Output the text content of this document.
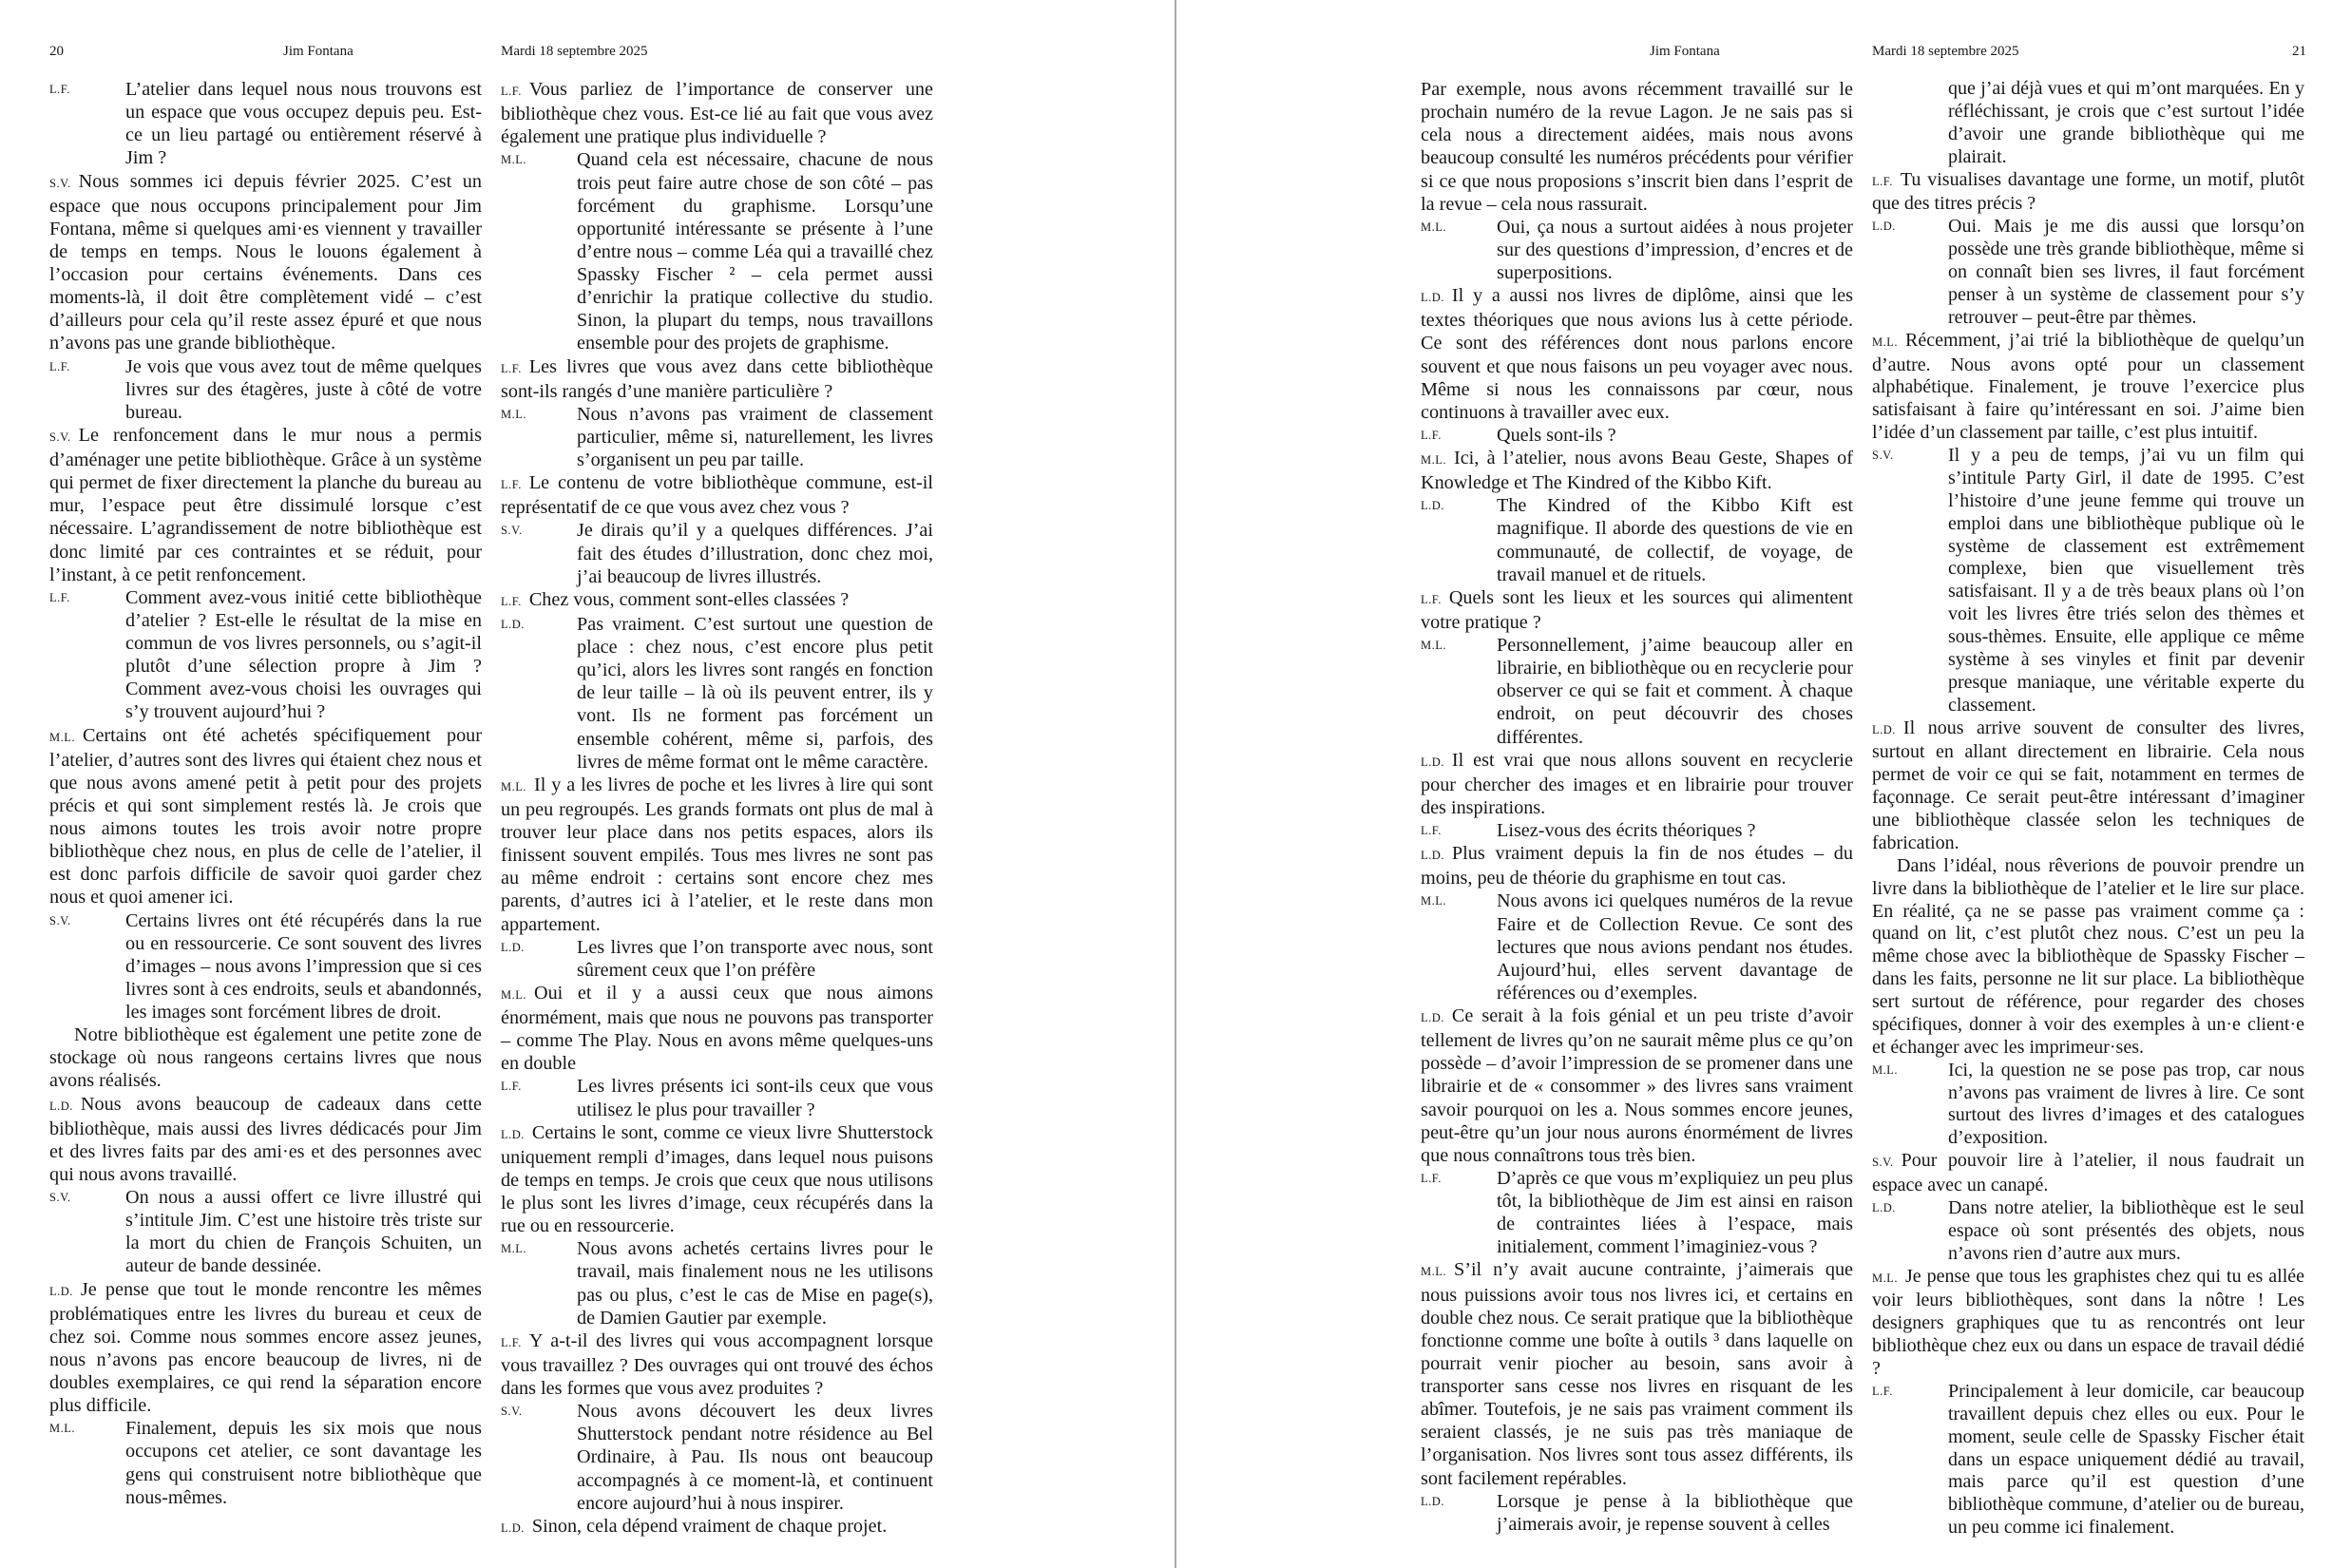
20	Jim Fontana	Mardi 18 septembre 2025

L.F.	L’atelier dans lequel nous nous trouvons est un espace que vous occupez depuis peu. Est-ce un lieu partagé ou entièrement réservé à Jim ?

S.V. Nous sommes ici depuis février 2025. C’est un espace que nous occupons principalement pour Jim Fontana, même si quelques ami·es viennent y travailler de temps en temps. Nous le louons également à l’occasion pour certains événements. Dans ces moments-là, il doit être complètement vidé – c’est d’ailleurs pour cela qu’il reste assez épuré et que nous n’avons pas une grande bibliothèque.

L.F.	Je vois que vous avez tout de même quelques livres sur des étagères, juste à côté de votre bureau.

S.V. Le renfoncement dans le mur nous a permis d’aménager une petite bibliothèque. Grâce à un système qui permet de fixer directement la planche du bureau au mur, l’espace peut être dissimulé lorsque c’est nécessaire. L’agrandissement de notre bibliothèque est donc limité par ces contraintes et se réduit, pour l’instant, à ce petit renfoncement.

L.F.	Comment avez-vous initié cette bibliothèque d’atelier ? Est-elle le résultat de la mise en commun de vos livres personnels, ou s’agit-il plutôt d’une sélection propre à Jim ? Comment avez-vous choisi les ouvrages qui s’y trouvent aujourd’hui ?

M.L. Certains ont été achetés spécifiquement pour l’atelier, d’autres sont des livres qui étaient chez nous et que nous avons amené petit à petit pour des projets précis et qui sont simplement restés là. Je crois que nous aimons toutes les trois avoir notre propre bibliothèque chez nous, en plus de celle de l’atelier, il est donc parfois difficile de savoir quoi garder chez nous et quoi amener ici.

S.V.	Certains livres ont été récupérés dans la rue ou en ressourcerie. Ce sont souvent des livres d’images – nous avons l’impression que si ces livres sont à ces endroits, seuls et abandonnés, les images sont forcément libres de droit.

Notre bibliothèque est également une petite zone de stockage où nous rangeons certains livres que nous avons réalisés.

L.D. Nous avons beaucoup de cadeaux dans cette bibliothèque, mais aussi des livres dédicacés pour Jim et des livres faits par des ami·es et des personnes avec qui nous avons travaillé.

S.V.	On nous a aussi offert ce livre illustré qui s’intitule Jim. C’est une histoire très triste sur la mort du chien de François Schuiten, un auteur de bande dessinée.

L.D. Je pense que tout le monde rencontre les mêmes problématiques entre les livres du bureau et ceux de chez soi. Comme nous sommes encore assez jeunes, nous n’avons pas encore beaucoup de livres, ni de doubles exemplaires, ce qui rend la séparation encore plus difficile.

M.L.	Finalement, depuis les six mois que nous occupons cet atelier, ce sont davantage les gens qui construisent notre bibliothèque que nous-mêmes.

L.F. Vous parliez de l’importance de conserver une bibliothèque chez vous. Est-ce lié au fait que vous avez également une pratique plus individuelle ?

M.L.	Quand cela est nécessaire, chacune de nous trois peut faire autre chose de son côté – pas forcément du graphisme. Lorsqu’une opportunité intéressante se présente à l’une d’entre nous – comme Léa qui a travaillé chez Spassky Fischer ² – cela permet aussi d’enrichir la pratique collective du studio. Sinon, la plupart du temps, nous travaillons ensemble pour des projets de graphisme.

L.F. Les livres que vous avez dans cette bibliothèque sont-ils rangés d’une manière particulière ?

M.L.	Nous n’avons pas vraiment de classement particulier, même si, naturellement, les livres s’organisent un peu par taille.

L.F. Le contenu de votre bibliothèque commune, est-il représentatif de ce que vous avez chez vous ?

S.V.	Je dirais qu’il y a quelques différences. J’ai fait des études d’illustration, donc chez moi, j’ai beaucoup de livres illustrés.

L.F. Chez vous, comment sont-elles classées ?

L.D.	Pas vraiment. C’est surtout une question de place : chez nous, c’est encore plus petit qu’ici, alors les livres sont rangés en fonction de leur taille – là où ils peuvent entrer, ils y vont. Ils ne forment pas forcément un ensemble cohérent, même si, parfois, des livres de même format ont le même caractère.

M.L. Il y a les livres de poche et les livres à lire qui sont un peu regroupés. Les grands formats ont plus de mal à trouver leur place dans nos petits espaces, alors ils finissent souvent empilés. Tous mes livres ne sont pas au même endroit : certains sont encore chez mes parents, d’autres ici à l’atelier, et le reste dans mon appartement.

L.D.	Les livres que l’on transporte avec nous, sont sûrement ceux que l’on préfère

M.L. Oui et il y a aussi ceux que nous aimons énormément, mais que nous ne pouvons pas transporter – comme The Play. Nous en avons même quelques-uns en double

L.F.	Les livres présents ici sont-ils ceux que vous utilisez le plus pour travailler ?

L.D. Certains le sont, comme ce vieux livre Shutterstock uniquement rempli d’images, dans lequel nous puisons de temps en temps. Je crois que ceux que nous utilisons le plus sont les livres d’image, ceux récupérés dans la rue ou en ressourcerie.

M.L.	Nous avons achetés certains livres pour le travail, mais finalement nous ne les utilisons pas ou plus, c’est le cas de Mise en page(s), de Damien Gautier par exemple.

L.F. Y a-t-il des livres qui vous accompagnent lorsque vous travaillez ? Des ouvrages qui ont trouvé des échos dans les formes que vous avez produites ?

S.V.	Nous avons découvert les deux livres Shutterstock pendant notre résidence au Bel Ordinaire, à Pau. Ils nous ont beaucoup accompagnés à ce moment-là, et continuent encore aujourd’hui à nous inspirer.

L.D. Sinon, cela dépend vraiment de chaque projet.

Jim Fontana	Mardi 18 septembre 2025	21

Par exemple, nous avons récemment travaillé sur le prochain numéro de la revue Lagon. Je ne sais pas si cela nous a directement aidées, mais nous avons beaucoup consulté les numéros précédents pour vérifier si ce que nous proposions s’inscrit bien dans l’esprit de la revue – cela nous rassurait.

M.L.	Oui, ça nous a surtout aidées à nous projeter sur des questions d’impression, d’encres et de superpositions.

L.D. Il y a aussi nos livres de diplôme, ainsi que les textes théoriques que nous avions lus à cette période. Ce sont des références dont nous parlons encore souvent et que nous faisons un peu voyager avec nous. Même si nous les connaissons par cœur, nous continuons à travailler avec eux.

L.F.	Quels sont-ils ?

M.L. Ici, à l’atelier, nous avons Beau Geste, Shapes of Knowledge et The Kindred of the Kibbo Kift.

L.D.	The Kindred of the Kibbo Kift est magnifique. Il aborde des questions de vie en communauté, de collectif, de voyage, de travail manuel et de rituels.

L.F. Quels sont les lieux et les sources qui alimentent votre pratique ?

M.L.	Personnellement, j’aime beaucoup aller en librairie, en bibliothèque ou en recyclerie pour observer ce qui se fait et comment. À chaque endroit, on peut découvrir des choses différentes.

L.D. Il est vrai que nous allons souvent en recyclerie pour chercher des images et en librairie pour trouver des inspirations.

L.F.	Lisez-vous des écrits théoriques ?

L.D. Plus vraiment depuis la fin de nos études – du moins, peu de théorie du graphisme en tout cas.

M.L.	Nous avons ici quelques numéros de la revue Faire et de Collection Revue. Ce sont des lectures que nous avions pendant nos études. Aujourd’hui, elles servent davantage de références ou d’exemples.

L.D. Ce serait à la fois génial et un peu triste d’avoir tellement de livres qu’on ne saurait même plus ce qu’on possède – d’avoir l’impression de se promener dans une librairie et de « consommer » des livres sans vraiment savoir pourquoi on les a. Nous sommes encore jeunes, peut-être qu’un jour nous aurons énormément de livres que nous connaîtrons tous très bien.

L.F.	D’après ce que vous m’expliquiez un peu plus tôt, la bibliothèque de Jim est ainsi en raison de contraintes liées à l’espace, mais initialement, comment l’imaginiez-vous ?

M.L. S’il n’y avait aucune contrainte, j’aimerais que nous puissions avoir tous nos livres ici, et certains en double chez nous. Ce serait pratique que la bibliothèque fonctionne comme une boîte à outils ³ dans laquelle on pourrait venir piocher au besoin, sans avoir à transporter sans cesse nos livres en risquant de les abîmer. Toutefois, je ne sais pas vraiment comment ils seraient classés, je ne suis pas très maniaque de l’organisation. Nos livres sont tous assez différents, ils sont facilement repérables.

L.D.	Lorsque je pense à la bibliothèque que j’aimerais avoir, je repense souvent à celles

que j’ai déjà vues et qui m’ont marquées. En y réfléchissant, je crois que c’est surtout l’idée d’avoir une grande bibliothèque qui me plairait.

L.F. Tu visualises davantage une forme, un motif, plutôt que des titres précis ?

L.D.	Oui. Mais je me dis aussi que lorsqu’on possède une très grande bibliothèque, même si on connaît bien ses livres, il faut forcément penser à un système de classement pour s’y retrouver – peut-être par thèmes.

M.L. Récemment, j’ai trié la bibliothèque de quelqu’un d’autre. Nous avons opté pour un classement alphabétique. Finalement, je trouve l’exercice plus satisfaisant à faire qu’intéressant en soi. J’aime bien l’idée d’un classement par taille, c’est plus intuitif.

S.V.	Il y a peu de temps, j’ai vu un film qui s’intitule Party Girl, il date de 1995. C’est l’histoire d’une jeune femme qui trouve un emploi dans une bibliothèque publique où le système de classement est extrêmement complexe, bien que visuellement très satisfaisant. Il y a de très beaux plans où l’on voit les livres être triés selon des thèmes et sous-thèmes. Ensuite, elle applique ce même système à ses vinyles et finit par devenir presque maniaque, une véritable experte du classement.

L.D. Il nous arrive souvent de consulter des livres, surtout en allant directement en librairie. Cela nous permet de voir ce qui se fait, notamment en termes de façonnage. Ce serait peut-être intéressant d’imaginer une bibliothèque classée selon les techniques de fabrication.

Dans l’idéal, nous rêverions de pouvoir prendre un livre dans la bibliothèque de l’atelier et le lire sur place. En réalité, ça ne se passe pas vraiment comme ça : quand on lit, c’est plutôt chez nous. C’est un peu la même chose avec la bibliothèque de Spassky Fischer – dans les faits, personne ne lit sur place. La bibliothèque sert surtout de référence, pour regarder des choses spécifiques, donner à voir des exemples à un·e client·e et échanger avec les imprimeur·ses.

M.L.	Ici, la question ne se pose pas trop, car nous n’avons pas vraiment de livres à lire. Ce sont surtout des livres d’images et des catalogues d’exposition.

S.V. Pour pouvoir lire à l’atelier, il nous faudrait un espace avec un canapé.

L.D.	Dans notre atelier, la bibliothèque est le seul espace où sont présentés des objets, nous n’avons rien d’autre aux murs.

M.L. Je pense que tous les graphistes chez qui tu es allée voir leurs bibliothèques, sont dans la nôtre ! Les designers graphiques que tu as rencontrés ont leur bibliothèque chez eux ou dans un espace de travail dédié ?

L.F.	Principalement à leur domicile, car beaucoup travaillent depuis chez elles ou eux. Pour le moment, seule celle de Spassky Fischer était dans un espace uniquement dédié au travail, mais parce qu’il est question d’une bibliothèque commune, d’atelier ou de bureau, un peu comme ici finalement.
